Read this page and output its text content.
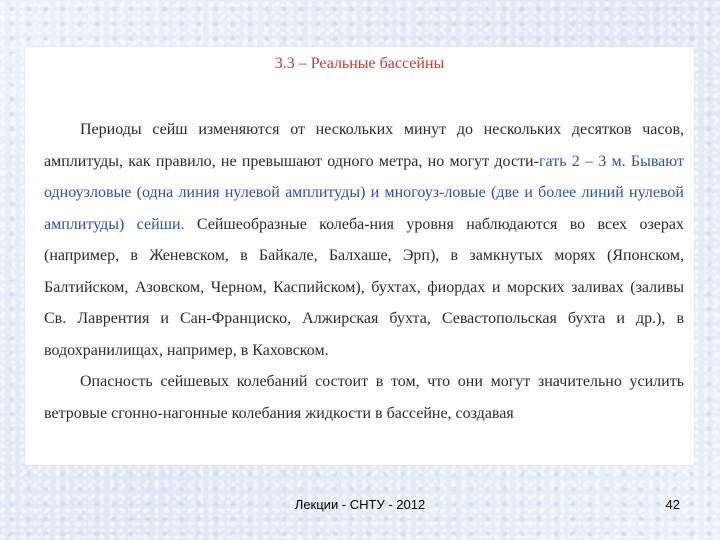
3.3 – Реальные бассейны

Периоды сейш изменяются от нескольких минут до нескольких десятков часов, амплитуды, как правило, не превышают одного метра, но могут дости-гать 2 – 3 м. Бывают одноузловые (одна линия нулевой амплитуды) и многоуз-ловые (две и более линий нулевой амплитуды) сейши. Сейшеобразные колеба-ния уровня наблюдаются во всех озерах (например, в Женевском, в Байкале, Балхаше, Эрп), в замкнутых морях (Японском, Балтийском, Азовском, Черном, Каспийском), бухтах, фиордах и морских заливах (заливы Св. Лаврентия и Сан-Франциско, Алжирская бухта, Севастопольская бухта и др.), в водохранилищах, например, в Каховском.

Опасность сейшевых колебаний состоит в том, что они могут значительно усилить ветровые сгонно-нагонные колебания жидкости в бассейне, создавая

Лекции - СНТУ - 2012	42
